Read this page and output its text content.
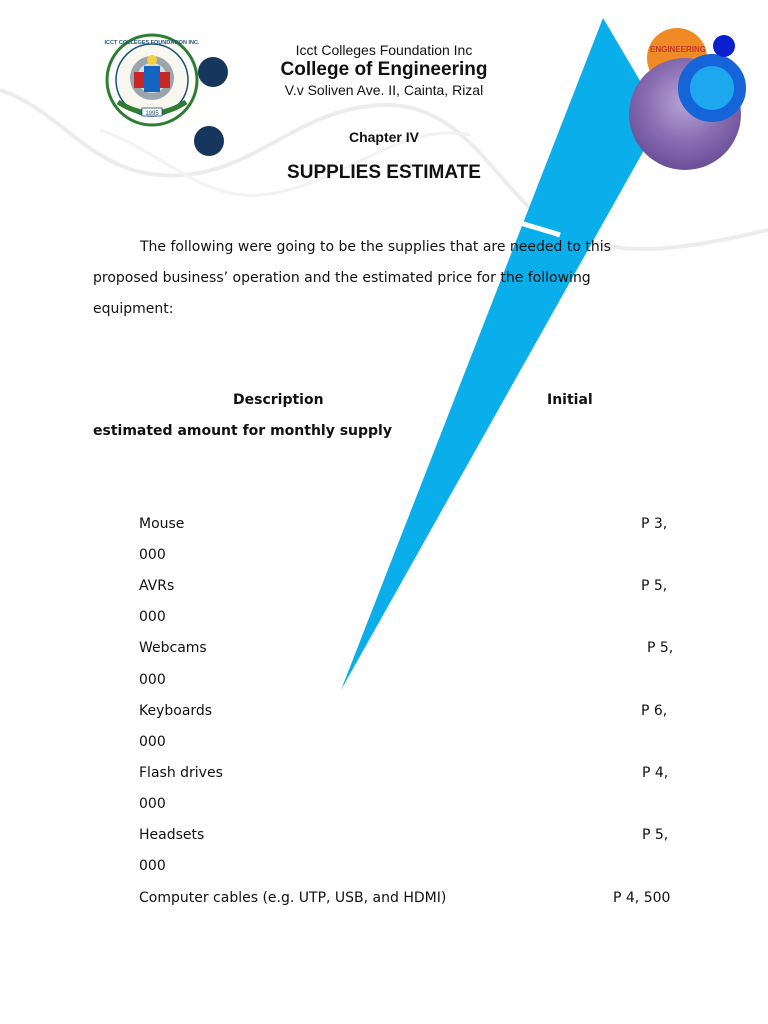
ENGINEERING
1995
ICCT COLLEGES FOUNDATION INC.	Icct Colleges Foundation Inc
College of Engineering
V.v Soliven Ave. II, Cainta, Rizal
Chapter IV
SUPPLIES ESTIMATE
The following were going to be the supplies that are needed to this proposed business’ operation and the estimated price for the following equipment:
Description	Initial
estimated amount for monthly supply
Mouse	P 3,
000
AVRs	P 5,
000
Webcams	P 5,
000
Keyboards	P 6,
000
Flash drives	P 4,
000
Headsets	P 5,
000
Computer cables (e.g. UTP, USB, and HDMI)	P 4, 500
